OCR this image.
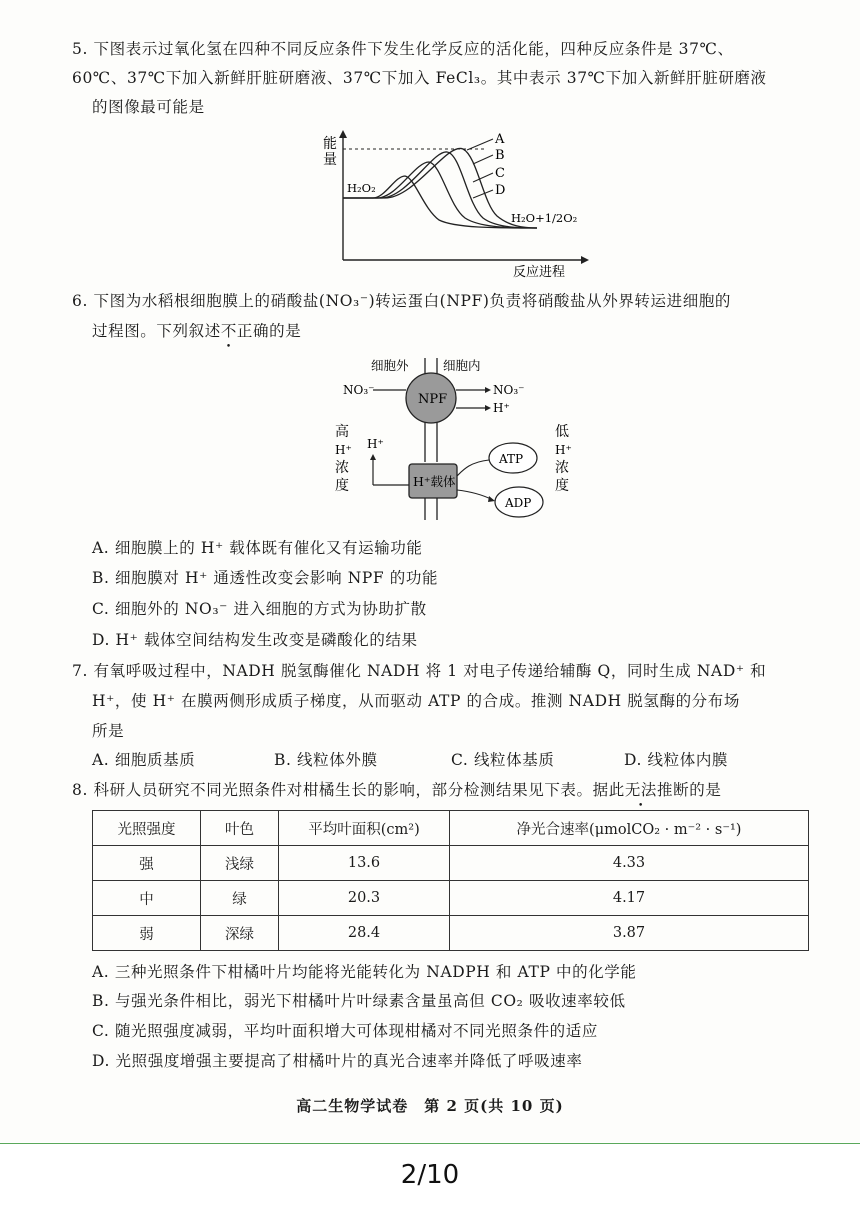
5. 下图表示过氧化氢在四种不同反应条件下发生化学反应的活化能，四种反应条件是 37℃、
60℃、37℃下加入新鲜肝脏研磨液、37℃下加入 FeCl₃。其中表示 37℃下加入新鲜肝脏研磨液
的图像最可能是
能
量
反应进程
A
B
C
D
H₂O₂
H₂O+1/2O₂
6. 下图为水稻根细胞膜上的硝酸盐(NO₃⁻)转运蛋白(NPF)负责将硝酸盐从外界转运进细胞的
过程图。下列叙述不正确的是
细胞外	细胞内
NPF
NO₃⁻	NO₃⁻
H⁺
高
H⁺
浓
度
H⁺
H⁺载体
ATP
ADP
低
H⁺
浓
度
A. 细胞膜上的 H⁺ 载体既有催化又有运输功能
B. 细胞膜对 H⁺ 通透性改变会影响 NPF 的功能
C. 细胞外的 NO₃⁻ 进入细胞的方式为协助扩散
D. H⁺ 载体空间结构发生改变是磷酸化的结果
7. 有氧呼吸过程中，NADH 脱氢酶催化 NADH 将 1 对电子传递给辅酶 Q，同时生成 NAD⁺ 和
H⁺，使 H⁺ 在膜两侧形成质子梯度，从而驱动 ATP 的合成。推测 NADH 脱氢酶的分布场
所是
A. 细胞质基质	B. 线粒体外膜	C. 线粒体基质	D. 线粒体内膜
8. 科研人员研究不同光照条件对柑橘生长的影响，部分检测结果见下表。据此无法推断的是
光照强度	叶色	平均叶面积(cm²)	净光合速率(μmolCO₂ · m⁻² · s⁻¹)
强	浅绿	13.6	4.33
中	绿	20.3	4.17
弱	深绿	28.4	3.87
A. 三种光照条件下柑橘叶片均能将光能转化为 NADPH 和 ATP 中的化学能
B. 与强光条件相比，弱光下柑橘叶片叶绿素含量虽高但 CO₂ 吸收速率较低
C. 随光照强度减弱，平均叶面积增大可体现柑橘对不同光照条件的适应
D. 光照强度增强主要提高了柑橘叶片的真光合速率并降低了呼吸速率
高二生物学试卷　第 2 页(共 10 页)
2/10
